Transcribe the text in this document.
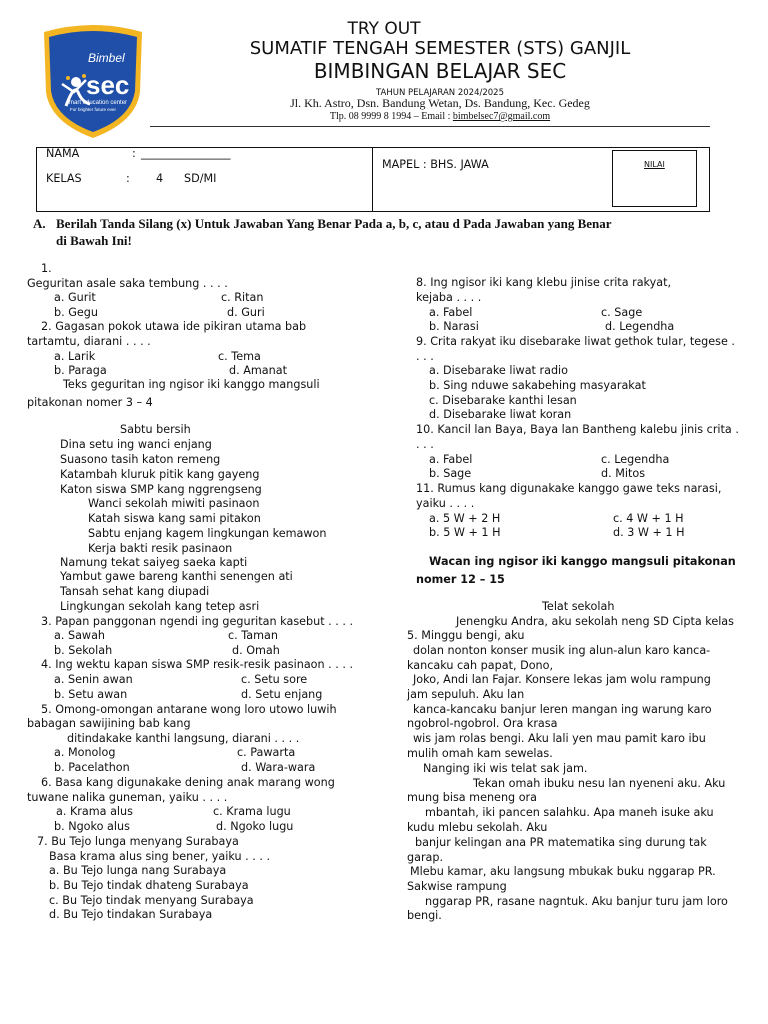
Bimbel
sec
smart education center
For brighter future ever
TRY OUT
SUMATIF TENGAH SEMESTER (STS) GANJIL
BIMBINGAN BELAJAR SEC
TAHUN PELAJARAN 2024/2025
Jl. Kh. Astro, Dsn. Bandung Wetan, Ds. Bandung, Kec. Gedeg
Tlp. 08 9999 8 1994 – Email : bimbelsec7@gmail.com
NAMA	: ________________
KELAS	: 4 SD/MI
MAPEL : BHS. JAWA	NILAI
A. Berilah Tanda Silang (x) Untuk Jawaban Yang Benar Pada a, b, c, atau d Pada Jawaban yang Benar
di Bawah Ini!
1.
Geguritan asale saka tembung . . . .
a. Gurit	c. Ritan
b. Gegu	d. Guri
2. Gagasan pokok utawa ide pikiran utama bab
tartamtu, diarani . . . .
a. Larik	c. Tema
b. Paraga	d. Amanat
Teks geguritan ing ngisor iki kanggo mangsuli
pitakonan nomer 3 – 4
Sabtu bersih
Dina setu ing wanci enjang
Suasono tasih katon remeng
Katambah kluruk pitik kang gayeng
Katon siswa SMP kang nggrengseng
Wanci sekolah miwiti pasinaon
Katah siswa kang sami pitakon
Sabtu enjang kagem lingkungan kemawon
Kerja bakti resik pasinaon
Namung tekat saiyeg saeka kapti
Yambut gawe bareng kanthi senengen ati
Tansah sehat kang diupadi
Lingkungan sekolah kang tetep asri
3. Papan panggonan ngendi ing geguritan kasebut . . . .
a. Sawah	c. Taman
b. Sekolah	d. Omah
4. Ing wektu kapan siswa SMP resik-resik pasinaon . . . .
a. Senin awan	c. Setu sore
b. Setu awan	d. Setu enjang
5. Omong-omongan antarane wong loro utowo luwih
babagan sawijining bab kang
ditindakake kanthi langsung, diarani . . . .
a. Monolog	c. Pawarta
b. Pacelathon	d. Wara-wara
6. Basa kang digunakake dening anak marang wong
tuwane nalika guneman, yaiku . . . .
a. Krama alus	c. Krama lugu
b. Ngoko alus	d. Ngoko lugu
7. Bu Tejo lunga menyang Surabaya
Basa krama alus sing bener, yaiku . . . .
a. Bu Tejo lunga nang Surabaya
b. Bu Tejo tindak dhateng Surabaya
c. Bu Tejo tindak menyang Surabaya
d. Bu Tejo tindakan Surabaya
8. Ing ngisor iki kang klebu jinise crita rakyat,
kejaba . . . .
a. Fabel	c. Sage
b. Narasi	d. Legendha
9. Crita rakyat iku disebarake liwat gethok tular, tegese .
. . .
a. Disebarake liwat radio
b. Sing nduwe sakabehing masyarakat
c. Disebarake kanthi lesan
d. Disebarake liwat koran
10. Kancil lan Baya, Baya lan Bantheng kalebu jinis crita .
. . .
a. Fabel	c. Legendha
b. Sage	d. Mitos
11. Rumus kang digunakake kanggo gawe teks narasi,
yaiku . . . .
a. 5 W + 2 H	c. 4 W + 1 H
b. 5 W + 1 H	d. 3 W + 1 H
Wacan ing ngisor iki kanggo mangsuli pitakonan
nomer 12 – 15
Telat sekolah
Jenengku Andra, aku sekolah neng SD Cipta kelas
5. Minggu bengi, aku
dolan nonton konser musik ing alun-alun karo kanca-
kancaku cah papat, Dono,
Joko, Andi lan Fajar. Konsere lekas jam wolu rampung
jam sepuluh. Aku lan
kanca-kancaku banjur leren mangan ing warung karo
ngobrol-ngobrol. Ora krasa
wis jam rolas bengi. Aku lali yen mau pamit karo ibu
mulih omah kam sewelas.
Nanging iki wis telat sak jam.
Tekan omah ibuku nesu lan nyeneni aku. Aku
mung bisa meneng ora
mbantah, iki pancen salahku. Apa maneh isuke aku
kudu mlebu sekolah. Aku
banjur kelingan ana PR matematika sing durung tak
garap.
Mlebu kamar, aku langsung mbukak buku nggarap PR.
Sakwise rampung
nggarap PR, rasane nagntuk. Aku banjur turu jam loro
bengi.
